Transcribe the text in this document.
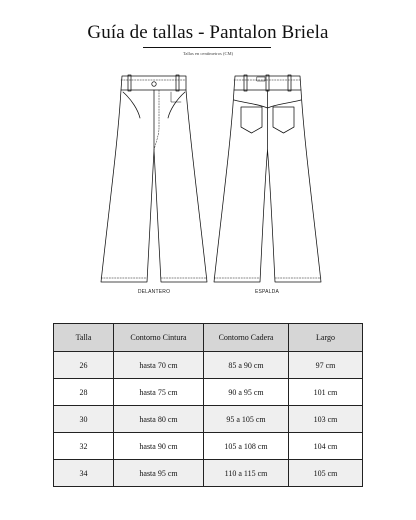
Guía de tallas - Pantalon Briela
Tallas en centímetros (CM)
DELANTERO	ESPALDA
Talla	Contorno Cintura	Contorno Cadera	Largo
26	hasta 70 cm	85 a 90 cm	97 cm
28	hasta 75 cm	90 a 95 cm	101 cm
30	hasta 80 cm	95 a 105 cm	103 cm
32	hasta 90 cm	105 a 108 cm	104 cm
34	hasta 95 cm	110 a 115 cm	105 cm
